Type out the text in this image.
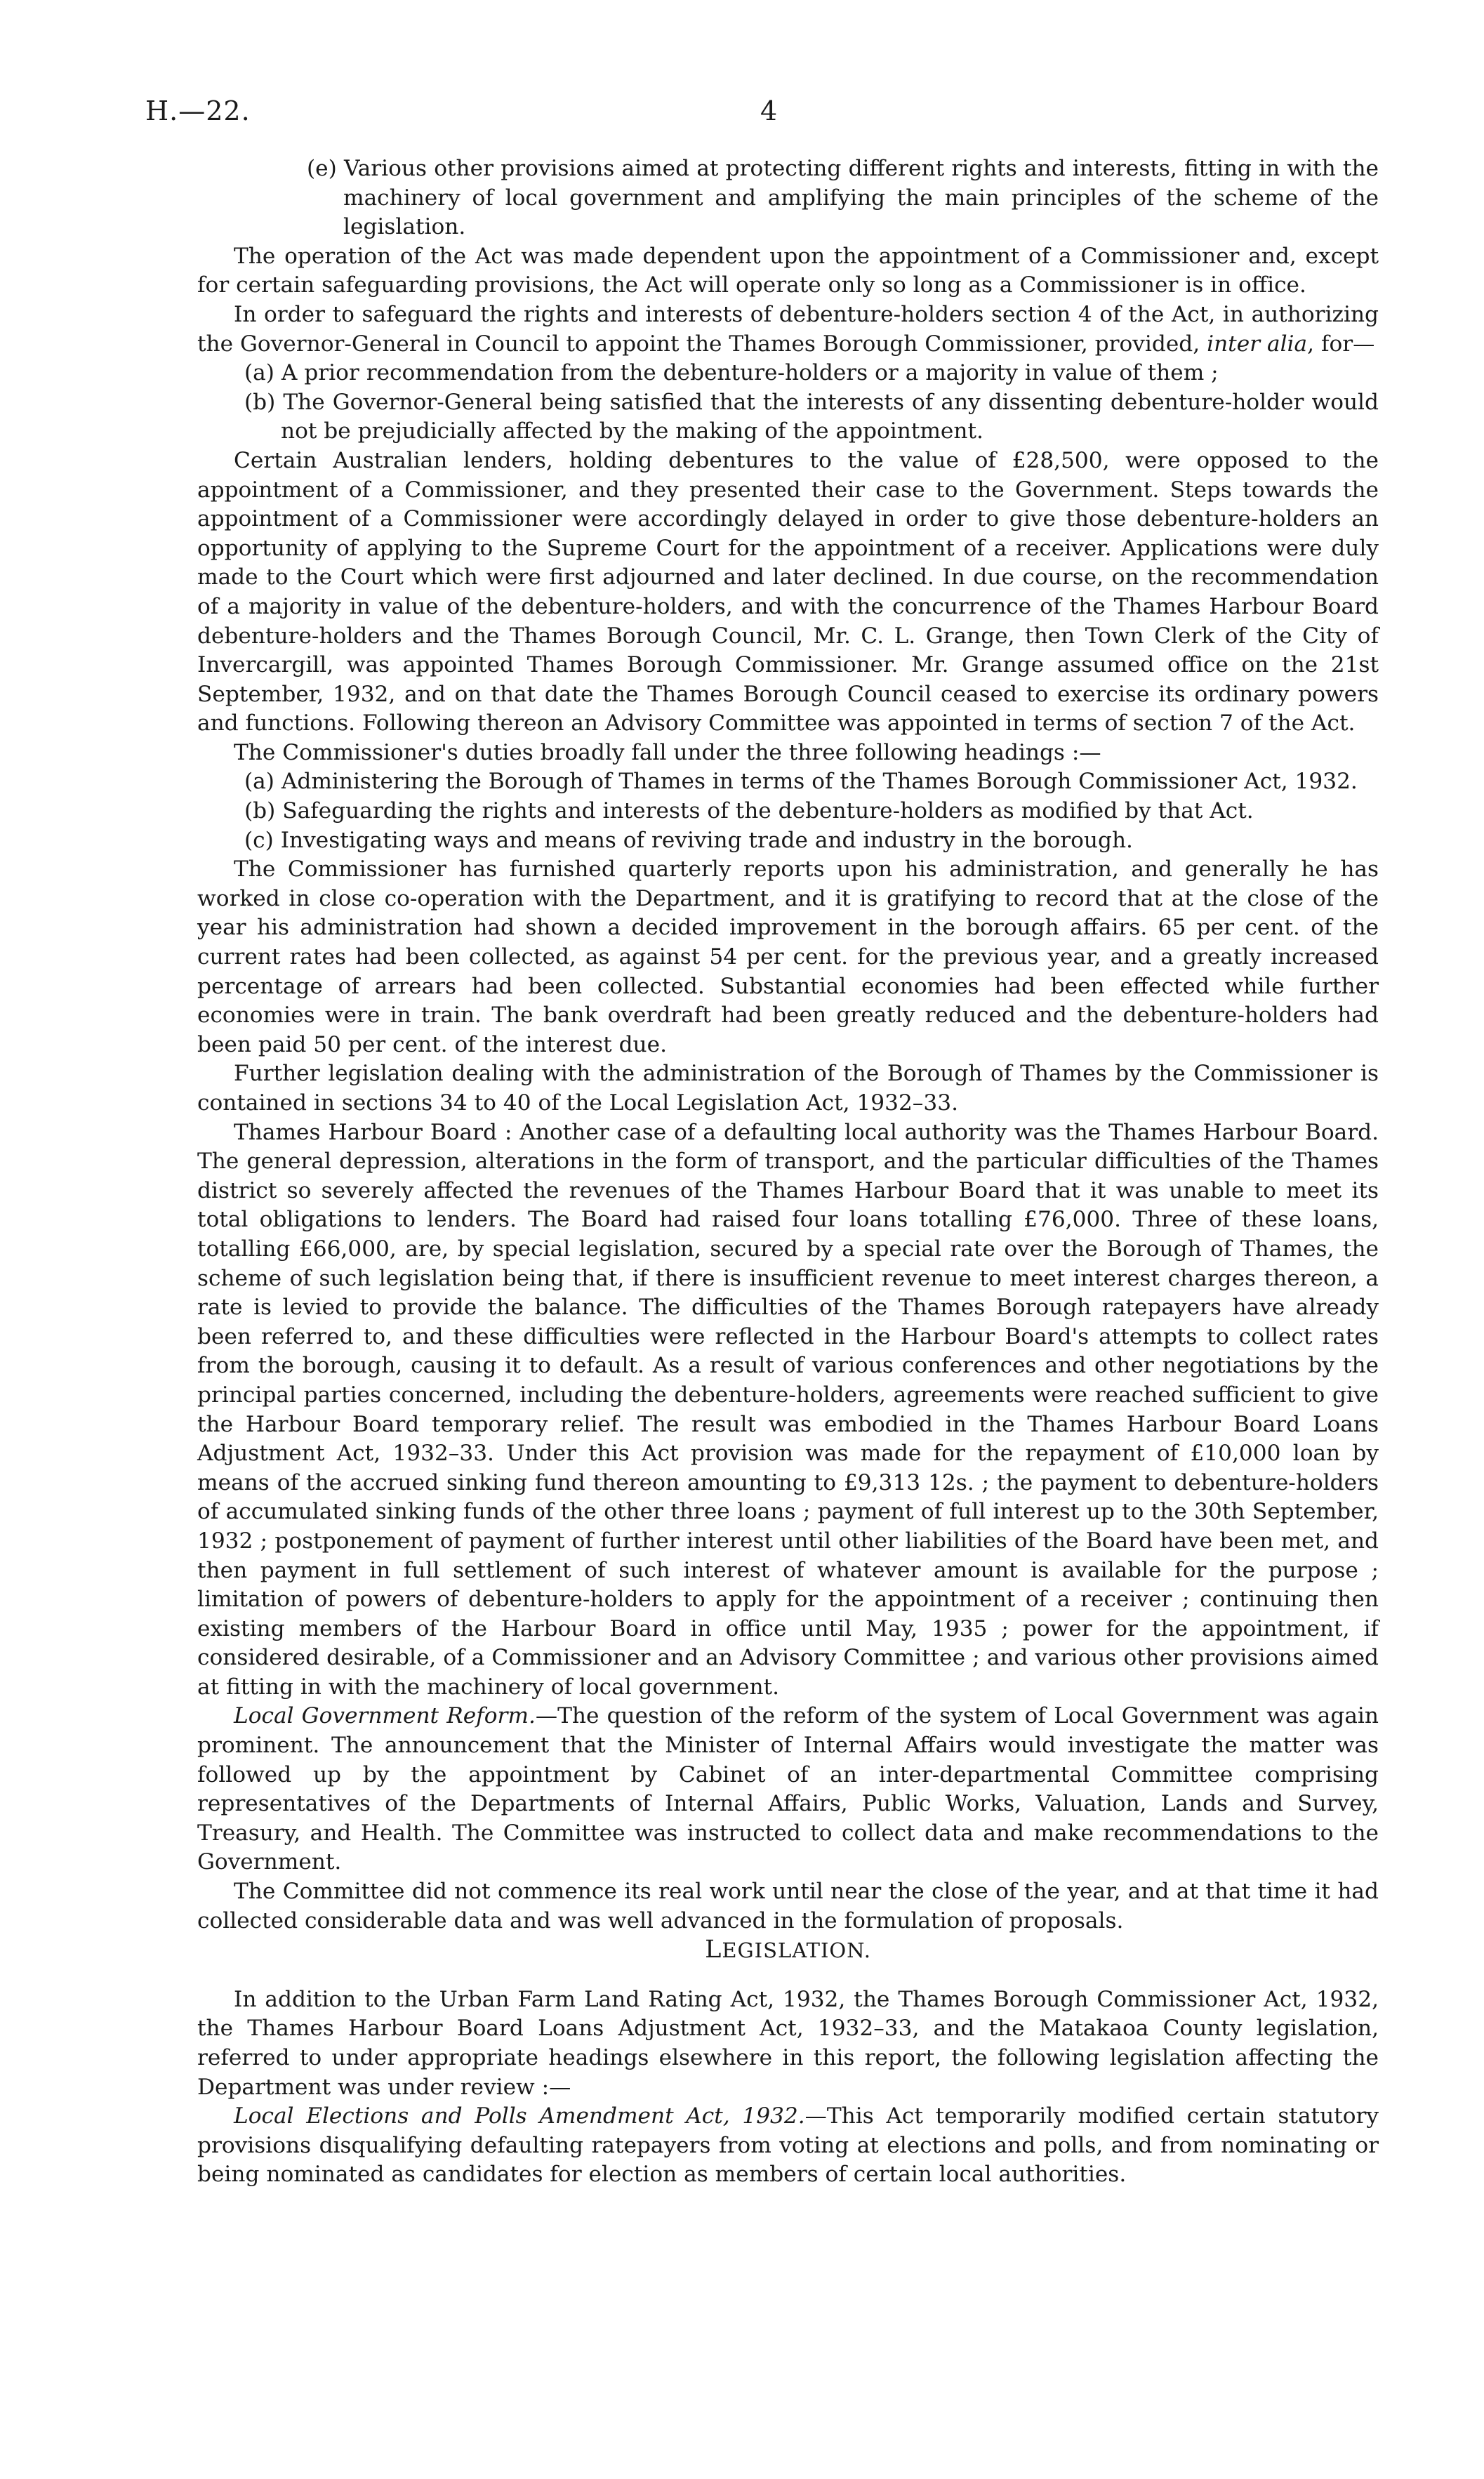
H.—22.	4

(e) Various other provisions aimed at protecting different rights and interests, fitting in with the machinery of local government and amplifying the main principles of the scheme of the legislation.

The operation of the Act was made dependent upon the appointment of a Commissioner and, except for certain safeguarding provisions, the Act will operate only so long as a Commissioner is in office.

In order to safeguard the rights and interests of debenture-holders section 4 of the Act, in authorizing the Governor-General in Council to appoint the Thames Borough Commissioner, provided, inter alia, for—

(a) A prior recommendation from the debenture-holders or a majority in value of them ;

(b) The Governor-General being satisfied that the interests of any dissenting debenture-holder would not be prejudicially affected by the making of the appointment.

Certain Australian lenders, holding debentures to the value of £28,500, were opposed to the appointment of a Commissioner, and they presented their case to the Government. Steps towards the appointment of a Commissioner were accordingly delayed in order to give those debenture-holders an opportunity of applying to the Supreme Court for the appointment of a receiver. Applications were duly made to the Court which were first adjourned and later declined. In due course, on the recommendation of a majority in value of the debenture-holders, and with the concurrence of the Thames Harbour Board debenture-holders and the Thames Borough Council, Mr. C. L. Grange, then Town Clerk of the City of Invercargill, was appointed Thames Borough Commissioner. Mr. Grange assumed office on the 21st September, 1932, and on that date the Thames Borough Council ceased to exercise its ordinary powers and functions. Following thereon an Advisory Committee was appointed in terms of section 7 of the Act.

The Commissioner's duties broadly fall under the three following headings :—

(a) Administering the Borough of Thames in terms of the Thames Borough Commissioner Act, 1932.

(b) Safeguarding the rights and interests of the debenture-holders as modified by that Act.

(c) Investigating ways and means of reviving trade and industry in the borough.

The Commissioner has furnished quarterly reports upon his administration, and generally he has worked in close co-operation with the Department, and it is gratifying to record that at the close of the year his administration had shown a decided improvement in the borough affairs. 65 per cent. of the current rates had been collected, as against 54 per cent. for the previous year, and a greatly increased percentage of arrears had been collected. Substantial economies had been effected while further economies were in train. The bank overdraft had been greatly reduced and the debenture-holders had been paid 50 per cent. of the interest due.

Further legislation dealing with the administration of the Borough of Thames by the Commissioner is contained in sections 34 to 40 of the Local Legislation Act, 1932–33.

Thames Harbour Board : Another case of a defaulting local authority was the Thames Harbour Board. The general depression, alterations in the form of transport, and the particular difficulties of the Thames district so severely affected the revenues of the Thames Harbour Board that it was unable to meet its total obligations to lenders. The Board had raised four loans totalling £76,000. Three of these loans, totalling £66,000, are, by special legislation, secured by a special rate over the Borough of Thames, the scheme of such legislation being that, if there is insufficient revenue to meet interest charges thereon, a rate is levied to provide the balance. The difficulties of the Thames Borough ratepayers have already been referred to, and these difficulties were reflected in the Harbour Board's attempts to collect rates from the borough, causing it to default. As a result of various conferences and other negotiations by the principal parties concerned, including the debenture-holders, agreements were reached sufficient to give the Harbour Board temporary relief. The result was embodied in the Thames Harbour Board Loans Adjustment Act, 1932–33. Under this Act provision was made for the repayment of £10,000 loan by means of the accrued sinking fund thereon amounting to £9,313 12s. ; the payment to debenture-holders of accumulated sinking funds of the other three loans ; payment of full interest up to the 30th September, 1932 ; postponement of payment of further interest until other liabilities of the Board have been met, and then payment in full settlement of such interest of whatever amount is available for the purpose ; limitation of powers of debenture-holders to apply for the appointment of a receiver ; continuing then existing members of the Harbour Board in office until May, 1935 ; power for the appointment, if considered desirable, of a Commissioner and an Advisory Committee ; and various other provisions aimed at fitting in with the machinery of local government.

Local Government Reform.—The question of the reform of the system of Local Government was again prominent. The announcement that the Minister of Internal Affairs would investigate the matter was followed up by the appointment by Cabinet of an inter-departmental Committee comprising representatives of the Departments of Internal Affairs, Public Works, Valuation, Lands and Survey, Treasury, and Health. The Committee was instructed to collect data and make recommendations to the Government.

The Committee did not commence its real work until near the close of the year, and at that time it had collected considerable data and was well advanced in the formulation of proposals.

LEGISLATION.

In addition to the Urban Farm Land Rating Act, 1932, the Thames Borough Commissioner Act, 1932, the Thames Harbour Board Loans Adjustment Act, 1932–33, and the Matakaoa County legislation, referred to under appropriate headings elsewhere in this report, the following legislation affecting the Department was under review :—

Local Elections and Polls Amendment Act, 1932.—This Act temporarily modified certain statutory provisions disqualifying defaulting ratepayers from voting at elections and polls, and from nominating or being nominated as candidates for election as members of certain local authorities.
